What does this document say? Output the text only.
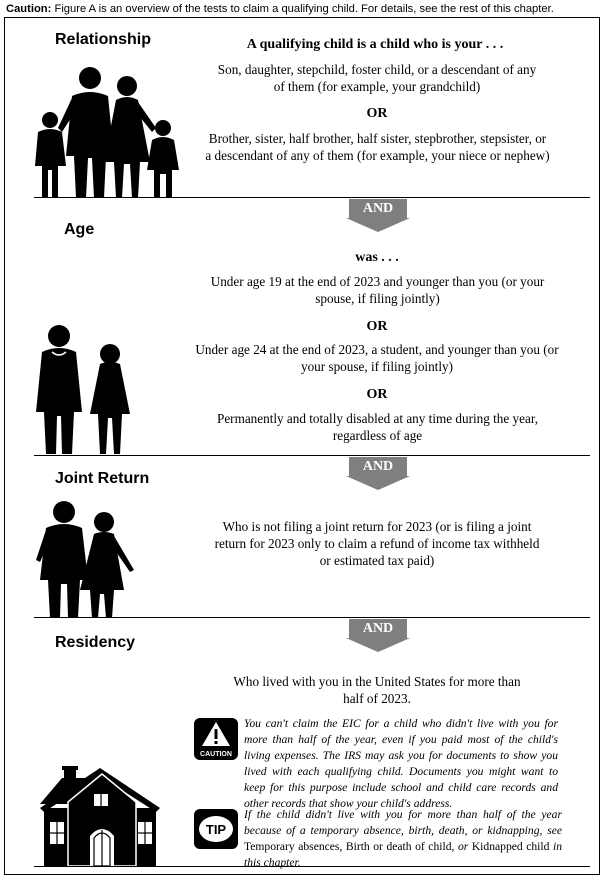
Caution: Figure A is an overview of the tests to claim a qualifying child. For details, see the rest of this chapter.
Relationship	A qualifying child is a child who is your . . .
Son, daughter, stepchild, foster child, or a descendant of any of them (for example, your grandchild)
OR
Brother, sister, half brother, half sister, stepbrother, stepsister, or a descendant of any of them (for example, your niece or nephew)
AND
Age
was . . .
Under age 19 at the end of 2023 and younger than you (or your spouse, if filing jointly)
OR
Under age 24 at the end of 2023, a student, and younger than you (or your spouse, if filing jointly)
OR
Permanently and totally disabled at any time during the year, regardless of age
AND
Joint Return
Who is not filing a joint return for 2023 (or is filing a joint return for 2023 only to claim a refund of income tax withheld or estimated tax paid)
AND
Residency
Who lived with you in the United States for more than half of 2023.
CAUTION
You can't claim the EIC for a child who didn't live with you for more than half of the year, even if you paid most of the child's living expenses. The IRS may ask you for documents to show you lived with each qualifying child. Documents you might want to keep for this purpose include school and child care records and other records that show your child's address.
TIP
If the child didn't live with you for more than half of the year because of a temporary absence, birth, death, or kidnapping, see Temporary absences, Birth or death of child, or Kidnapped child in this chapter.
